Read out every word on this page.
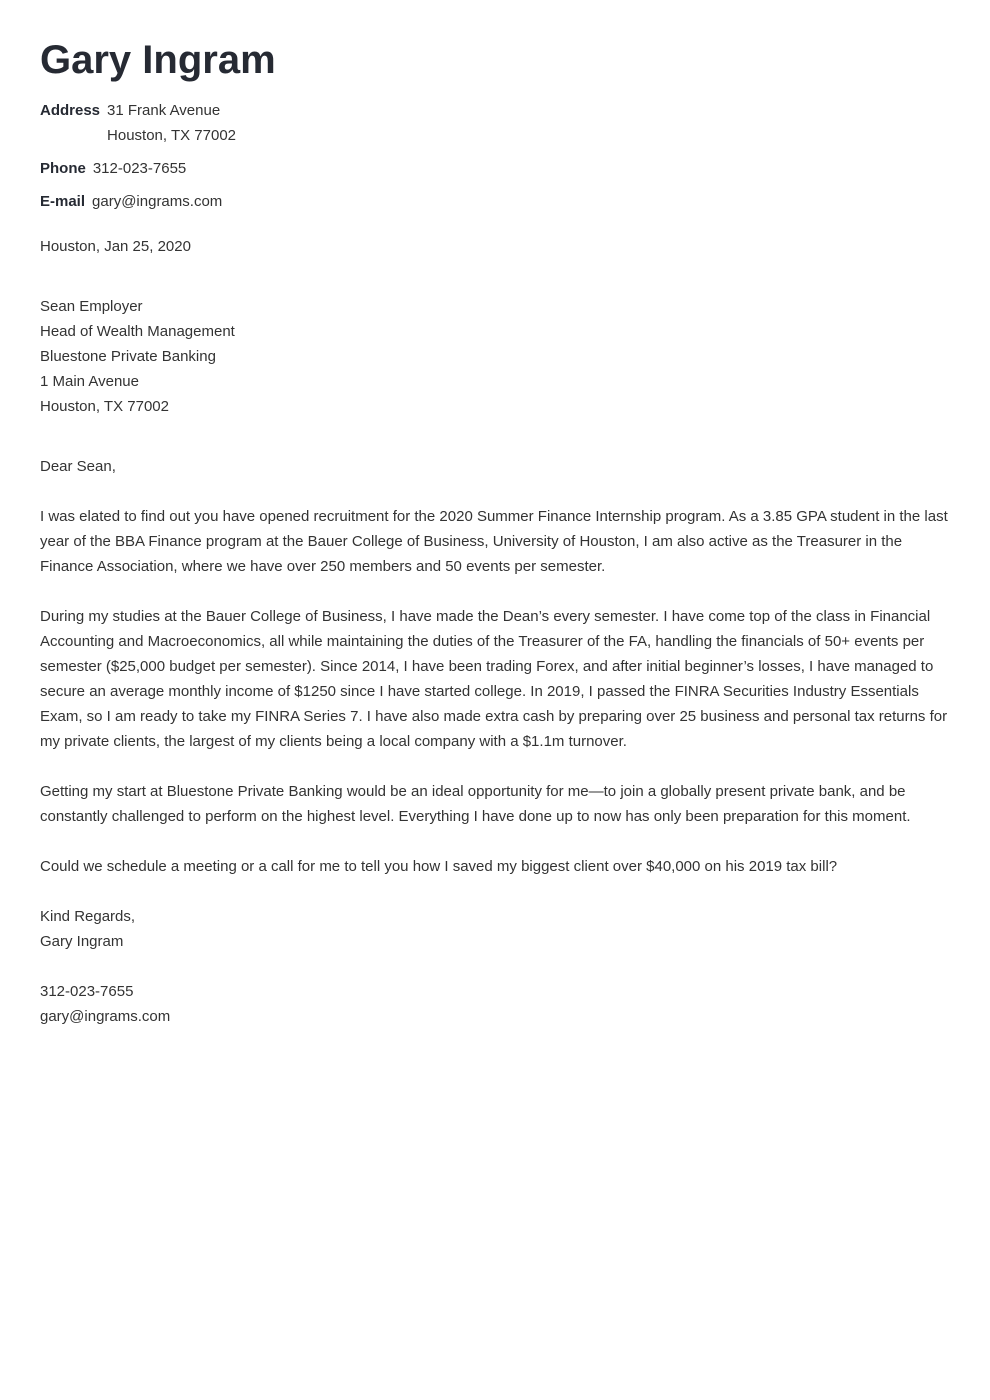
Gary Ingram
Address 31 Frank Avenue
Houston, TX 77002
Phone 312-023-7655
E-mail gary@ingrams.com
Houston, Jan 25, 2020
Sean Employer
Head of Wealth Management
Bluestone Private Banking
1 Main Avenue
Houston, TX 77002
Dear Sean,
I was elated to find out you have opened recruitment for the 2020 Summer Finance Internship program. As a 3.85 GPA student in the last year of the BBA Finance program at the Bauer College of Business, University of Houston, I am also active as the Treasurer in the Finance Association, where we have over 250 members and 50 events per semester.
During my studies at the Bauer College of Business, I have made the Dean’s every semester. I have come top of the class in Financial Accounting and Macroeconomics, all while maintaining the duties of the Treasurer of the FA, handling the financials of 50+ events per semester ($25,000 budget per semester). Since 2014, I have been trading Forex, and after initial beginner’s losses, I have managed to secure an average monthly income of $1250 since I have started college. In 2019, I passed the FINRA Securities Industry Essentials Exam, so I am ready to take my FINRA Series 7. I have also made extra cash by preparing over 25 business and personal tax returns for my private clients, the largest of my clients being a local company with a $1.1m turnover.
Getting my start at Bluestone Private Banking would be an ideal opportunity for me—to join a globally present private bank, and be constantly challenged to perform on the highest level. Everything I have done up to now has only been preparation for this moment.
Could we schedule a meeting or a call for me to tell you how I saved my biggest client over $40,000 on his 2019 tax bill?
Kind Regards,
Gary Ingram
312-023-7655
gary@ingrams.com
